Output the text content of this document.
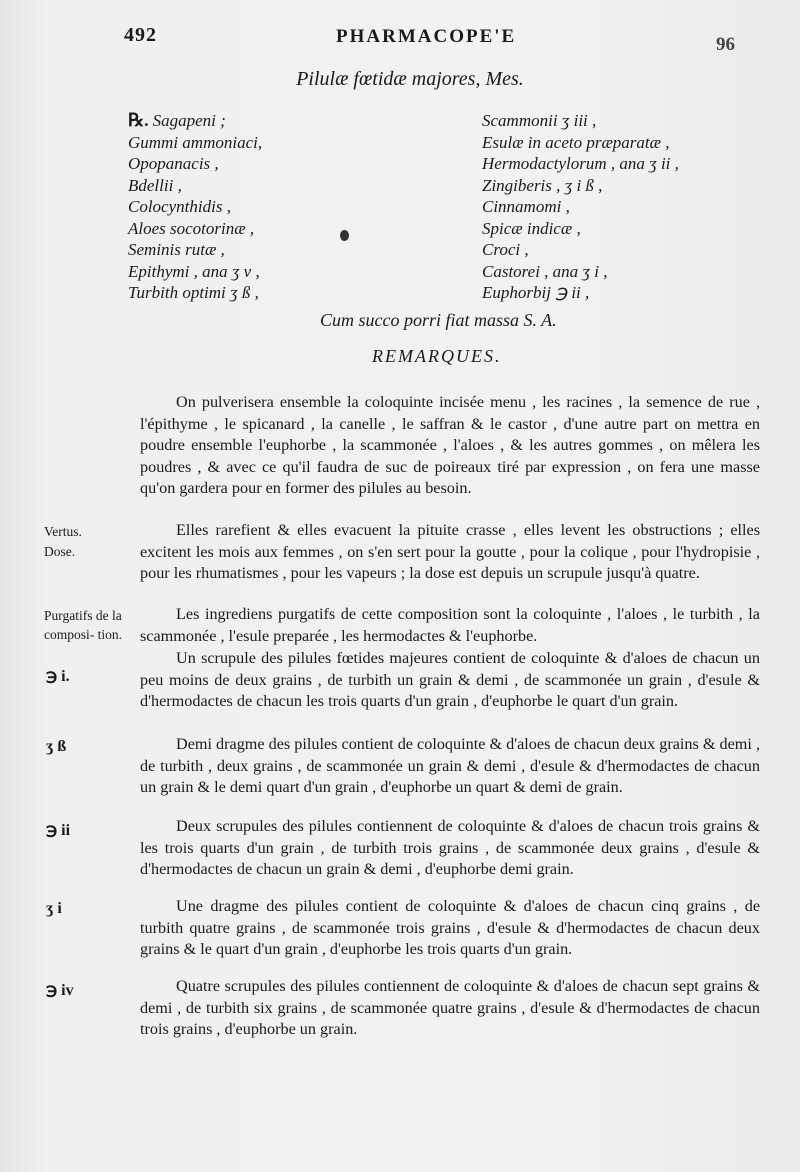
492	PHARMACOPE'E	96
Pilulæ fœtidæ majores, Mes.
℞. Sagapeni ;
Gummi ammoniaci,
Opopanacis ,
Bdellii ,
Colocynthidis ,
Aloes socotorinæ ,
Seminis rutæ ,
Epithymi , ana ʒ v ,
Turbith optimi ʒ ß ,
Scammonii ʒ iii ,
Esulæ in aceto præparatæ ,
Hermodactylorum , ana ʒ ii ,
Zingiberis , ʒ i ß ,
Cinnamomi ,
Spicæ indicæ ,
Croci ,
Castorei , ana ʒ i ,
Euphorbij ℈ ii ,
Cum succo porri fiat massa S. A.
REMARQUES.

On pulverisera ensemble la coloquinte incisée menu , les racines , la semence de rue , l'épithyme , le spicanard , la canelle , le saffran & le castor , d'une autre part on mettra en poudre ensemble l'euphorbe , la scammonée , l'aloes , & les autres gommes , on mêlera les poudres , & avec ce qu'il faudra de suc de poireaux tiré par expression , on fera une masse qu'on gardera pour en former des pilules au besoin.

Vertus.
Dose.

Elles rarefient & elles evacuent la pituite crasse , elles levent les obstructions ; elles excitent les mois aux femmes , on s'en sert pour la goutte , pour la colique , pour l'hydropisie , pour les rhumatismes , pour les vapeurs ; la dose est depuis un scrupule jusqu'à quatre.

Purgatifs de la composi- tion.

Les ingrediens purgatifs de cette composition sont la coloquinte , l'aloes , le turbith , la scammonée , l'esule preparée , les hermodactes & l'euphorbe.

℈ i.

Un scrupule des pilules fœtides majeures contient de coloquinte & d'aloes de chacun un peu moins de deux grains , de turbith un grain & demi , de scammonée un grain , d'esule & d'hermodactes de chacun les trois quarts d'un grain , d'euphorbe le quart d'un grain.

ʒ ß	Demi dragme des pilules contient de coloquinte & d'aloes de chacun deux grains & demi , de turbith , deux grains , de scammonée un grain & demi , d'esule & d'hermodactes de chacun un grain & le demi quart d'un grain , d'euphorbe un quart & demi de grain.

℈ ii	Deux scrupules des pilules contiennent de coloquinte & d'aloes de chacun trois grains & les trois quarts d'un grain , de turbith trois grains , de scammonée deux grains , d'esule & d'hermodactes de chacun un grain & demi , d'euphorbe demi grain.

ʒ i	Une dragme des pilules contient de coloquinte & d'aloes de chacun cinq grains , de turbith quatre grains , de scammonée trois grains , d'esule & d'hermodactes de chacun deux grains & le quart d'un grain , d'euphorbe les trois quarts d'un grain.

℈ iv	Quatre scrupules des pilules contiennent de coloquinte & d'aloes de chacun sept grains & demi , de turbith six grains , de scammonée quatre grains , d'esule & d'hermodactes de chacun trois grains , d'euphorbe un grain.
